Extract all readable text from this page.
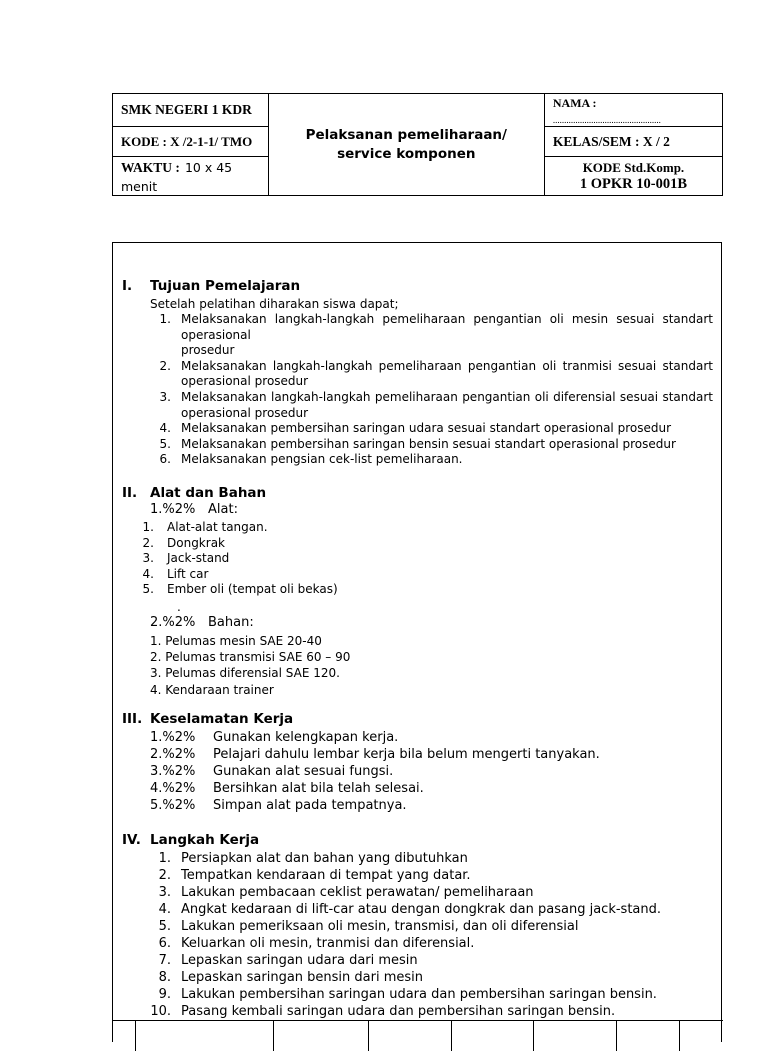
SMK NEGERI 1 KDR	Pelaksanan pemeliharaan/ service komponen	NAMA :
................................................

KODE : X /2-1-1/ TMO		KELAS/SEM : X / 2
WAKTU : 10 x 45 menit		KODE Std.Komp.
1 OPKR 10-001B
I. Tujuan Pemelajaran
Setelah pelatihan diharakan siswa dapat;
1. Melaksanakan langkah-langkah pemeliharaan pengantian oli mesin sesuai standart operasional
prosedur
2. Melaksanakan langkah-langkah pemeliharaan pengantian oli tranmisi sesuai standart
operasional prosedur
3. Melaksanakan langkah-langkah pemeliharaan pengantian oli diferensial sesuai standart
operasional prosedur
4. Melaksanakan pembersihan saringan udara sesuai standart operasional prosedur
5. Melaksanakan pembersihan saringan bensin sesuai standart operasional prosedur
6. Melaksanakan pengsian cek-list pemeliharaan.
II. Alat dan Bahan
1.%2% Alat:
1. Alat-alat tangan.
2. Dongkrak
3. Jack-stand
4. Lift car
5. Ember oli (tempat oli bekas)
.
2.%2% Bahan:
1. Pelumas mesin SAE 20-40
2. Pelumas transmisi SAE 60 – 90
3. Pelumas diferensial SAE 120.
4. Kendaraan trainer
III. Keselamatan Kerja
1.%2% Gunakan kelengkapan kerja.
2.%2% Pelajari dahulu lembar kerja bila belum mengerti tanyakan.
3.%2% Gunakan alat sesuai fungsi.
4.%2% Bersihkan alat bila telah selesai.
5.%2% Simpan alat pada tempatnya.
IV. Langkah Kerja
1. Persiapkan alat dan bahan yang dibutuhkan
2. Tempatkan kendaraan di tempat yang datar.
3. Lakukan pembacaan ceklist perawatan/ pemeliharaan
4. Angkat kedaraan di lift-car atau dengan dongkrak dan pasang jack-stand.
5. Lakukan pemeriksaan oli mesin, transmisi, dan oli diferensial
6. Keluarkan oli mesin, tranmisi dan diferensial.
7. Lepaskan saringan udara dari mesin
8. Lepaskan saringan bensin dari mesin
9. Lakukan pembersihan saringan udara dan pembersihan saringan bensin.
10. Pasang kembali saringan udara dan pembersihan saringan bensin.
